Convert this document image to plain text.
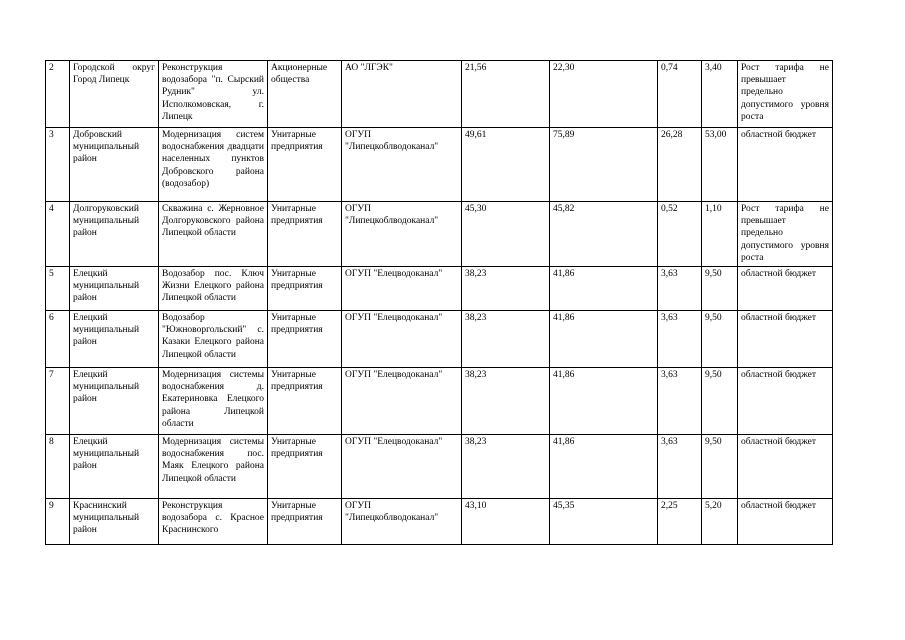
2	Городской округ Город Липецк	Реконструкция водозабора "п. Сырский Рудник" ул. Исполкомовская, г. Липецк	Акционерные общества	АО "ЛГЭК"	21,56	22,30	0,74	3,40	Рост тарифа не превышает предельно допустимого уровня роста
3	Добровский муниципальный район	Модернизация систем водоснабжения двадцати населенных пунктов Добровского района (водозабор)	Унитарные предприятия	ОГУП "Липецкоблводоканал"	49,61	75,89	26,28	53,00	областной бюджет
4	Долгоруковский муниципальный район	Скважина с. Жерновное Долгоруковского района Липецкой области	Унитарные предприятия	ОГУП "Липецкоблводоканал"	45,30	45,82	0,52	1,10	Рост тарифа не превышает предельно допустимого уровня роста
5	Елецкий муниципальный район	Водозабор пос. Ключ Жизни Елецкого района Липецкой области	Унитарные предприятия	ОГУП "Елецводоканал"	38,23	41,86	3,63	9,50	областной бюджет
6	Елецкий муниципальный район	Водозабор "Южноворгольский" с. Казаки Елецкого района Липецкой области	Унитарные предприятия	ОГУП "Елецводоканал"	38,23	41,86	3,63	9,50	областной бюджет
7	Елецкий муниципальный район	Модернизация системы водоснабжения д. Екатериновка Елецкого района Липецкой области	Унитарные предприятия	ОГУП "Елецводоканал"	38,23	41,86	3,63	9,50	областной бюджет
8	Елецкий муниципальный район	Модернизация системы водоснабжения пос. Маяк Елецкого района Липецкой области	Унитарные предприятия	ОГУП "Елецводоканал"	38,23	41,86	3,63	9,50	областной бюджет
9	Краснинский муниципальный район	Реконструкция водозабора с. Красное Краснинского	Унитарные предприятия	ОГУП "Липецкоблводоканал"	43,10	45,35	2,25	5,20	областной бюджет
